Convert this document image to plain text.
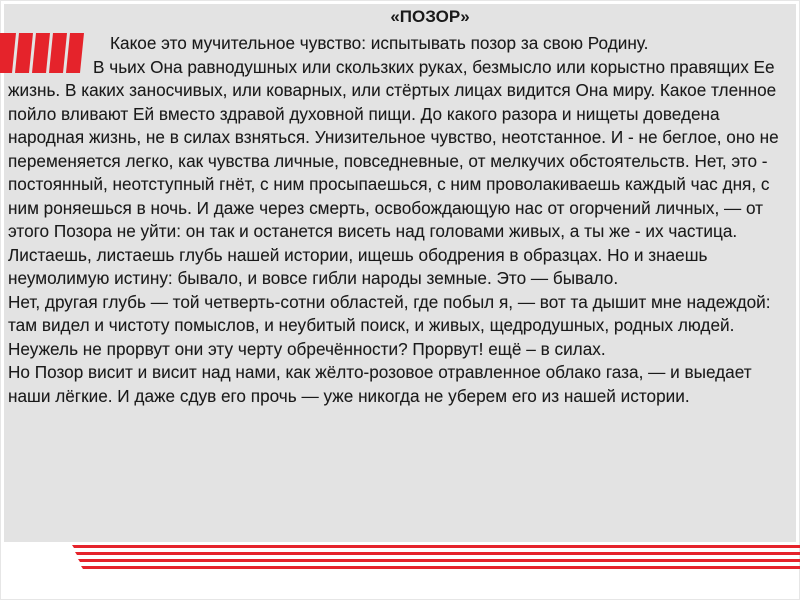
«ПОЗОР»

Какое это мучительное чувство: испытывать позор за свою Родину.

В чьих Она равнодушных или скользких руках, безмысло или корыстно правящих Ее жизнь. В каких заносчивых, или коварных, или стёртых лицах видится Она миру. Какое тленное пойло вливают Ей вместо здравой духовной пищи. До какого разора и нищеты доведена народная жизнь, не в силах взняться. Унизительное чувство, неотстанное. И - не беглое, оно не переменяется легко, как чувства личные, повседневные, от мелкучих обстоятельств. Нет, это - постоянный, неотступный гнёт, с ним просыпаешься, с ним проволакиваешь каждый час дня, с ним роняешься в ночь. И даже через смерть, освобождающую нас от огорчений личных, — от этого Позора не уйти: он так и останется висеть над головами живых, а ты же - их частица.

Листаешь, листаешь глубь нашей истории, ищешь ободрения в образцах. Но и знаешь неумолимую истину: бывало, и вовсе гибли народы земные. Это — бывало.

Нет, другая глубь — той четверть-сотни областей, где побыл я, — вот та дышит мне надеждой: там видел и чистоту помыслов, и неубитый поиск, и живых, щедродушных, родных людей. Неужель не прорвут они эту черту обречённости? Прорвут! ещё – в силах.

Но Позор висит и висит над нами, как жёлто-розовое отравленное облако газа, — и выедает наши лёгкие. И даже сдув его прочь — уже никогда не уберем его из нашей истории.
